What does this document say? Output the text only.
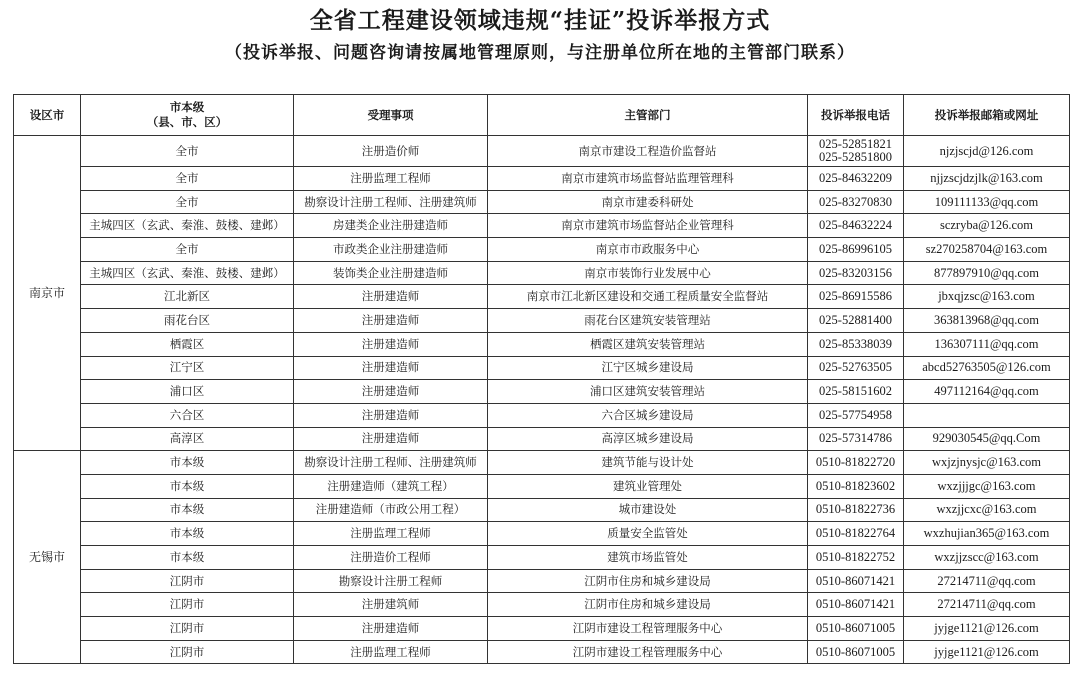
全省工程建设领域违规“挂证”投诉举报方式
（投诉举报、问题咨询请按属地管理原则，与注册单位所在地的主管部门联系）
设区市	市本级
（县、市、区）	受理事项	主管部门	投诉举报电话	投诉举报邮箱或网址
南京市	全市	注册造价师	南京市建设工程造价监督站	025-52851821
025-52851800	njzjscjd@126.com
	全市	注册监理工程师	南京市建筑市场监督站监理管理科	025-84632209	njjzscjdzjlk@163.com
	全市	勘察设计注册工程师、注册建筑师	南京市建委科研处	025-83270830	109111133@qq.com
	主城四区（玄武、秦淮、鼓楼、建邺）	房建类企业注册建造师	南京市建筑市场监督站企业管理科	025-84632224	sczryba@126.com
	全市	市政类企业注册建造师	南京市市政服务中心	025-86996105	sz270258704@163.com
	主城四区（玄武、秦淮、鼓楼、建邺）	装饰类企业注册建造师	南京市装饰行业发展中心	025-83203156	877897910@qq.com
	江北新区	注册建造师	南京市江北新区建设和交通工程质量安全监督站	025-86915586	jbxqjzsc@163.com
	雨花台区	注册建造师	雨花台区建筑安装管理站	025-52881400	363813968@qq.com
	栖霞区	注册建造师	栖霞区建筑安装管理站	025-85338039	136307111@qq.com
	江宁区	注册建造师	江宁区城乡建设局	025-52763505	abcd52763505@126.com
	浦口区	注册建造师	浦口区建筑安装管理站	025-58151602	497112164@qq.com
	六合区	注册建造师	六合区城乡建设局	025-57754958	
	高淳区	注册建造师	高淳区城乡建设局	025-57314786	929030545@qq.Com
无锡市	市本级	勘察设计注册工程师、注册建筑师	建筑节能与设计处	0510-81822720	wxjzjnysjc@163.com
	市本级	注册建造师（建筑工程）	建筑业管理处	0510-81823602	wxzjjjgc@163.com
	市本级	注册建造师（市政公用工程）	城市建设处	0510-81822736	wxzjjcxc@163.com
	市本级	注册监理工程师	质量安全监管处	0510-81822764	wxzhujian365@163.com
	市本级	注册造价工程师	建筑市场监管处	0510-81822752	wxzjjzscc@163.com
	江阴市	勘察设计注册工程师	江阴市住房和城乡建设局	0510-86071421	27214711@qq.com
	江阴市	注册建筑师	江阴市住房和城乡建设局	0510-86071421	27214711@qq.com
	江阴市	注册建造师	江阴市建设工程管理服务中心	0510-86071005	jyjge1121@126.com
	江阴市	注册监理工程师	江阴市建设工程管理服务中心	0510-86071005	jyjge1121@126.com
